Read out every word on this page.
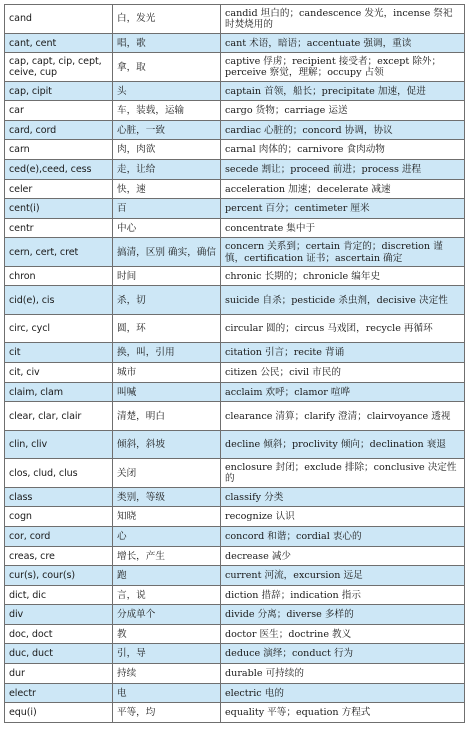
cand	白，发光	candid 坦白的；candescence 发光，incense 祭祀时焚烧用的
cant, cent	唱，歌	cant 术语，暗语；accentuate 强调，重读
cap, capt, cip, cept, ceive, cup	拿，取	captive 俘虏；recipient 接受者；except 除外；perceive 察觉，理解；occupy 占领
cap, cipit	头	captain 首领，船长；precipitate 加速，促进
car	车，装载，运输	cargo 货物；carriage 运送
card, cord	心脏，一致	cardiac 心脏的；concord 协调，协议
carn	肉，肉欲	carnal 肉体的；carnivore 食肉动物
ced(e),ceed, cess	走，让给	secede 割让；proceed 前进；process 进程
celer	快，速	acceleration 加速；decelerate 减速
cent(i)	百	percent 百分；centimeter 厘米
centr	中心	concentrate 集中于
cern, cert, cret	搞清，区别 确实，确信	concern 关系到；certain 肯定的；discretion 谨慎，certification 证书；ascertain 确定
chron	时间	chronic 长期的；chronicle 编年史
cid(e), cis	杀，切	suicide 自杀；pesticide 杀虫剂，decisive 决定性
circ, cycl	圆，环	circular 圆的；circus 马戏团，recycle 再循环
cit	换，叫，引用	citation 引言；recite 背诵
cit, civ	城市	citizen 公民；civil 市民的
claim, clam	叫喊	acclaim 欢呼；clamor 喧哗
clear, clar, clair	清楚，明白	clearance 清算；clarify 澄清；clairvoyance 透视
clin, cliv	倾斜，斜坡	decline 倾斜；proclivity 倾向；declination 衰退
clos, clud, clus	关闭	enclosure 封闭；exclude 排除；conclusive 决定性的
class	类别，等级	classify 分类
cogn	知晓	recognize 认识
cor, cord	心	concord 和谐；cordial 衷心的
creas, cre	增长，产生	decrease 减少
cur(s), cour(s)	跑	current 河流，excursion 远足
dict, dic	言，说	diction 措辞；indication 指示
div	分成单个	divide 分离；diverse 多样的
doc, doct	教	doctor 医生；doctrine 教义
duc, duct	引，导	deduce 演绎；conduct 行为
dur	持续	durable 可持续的
electr	电	electric 电的
equ(i)	平等，均	equality 平等；equation 方程式
